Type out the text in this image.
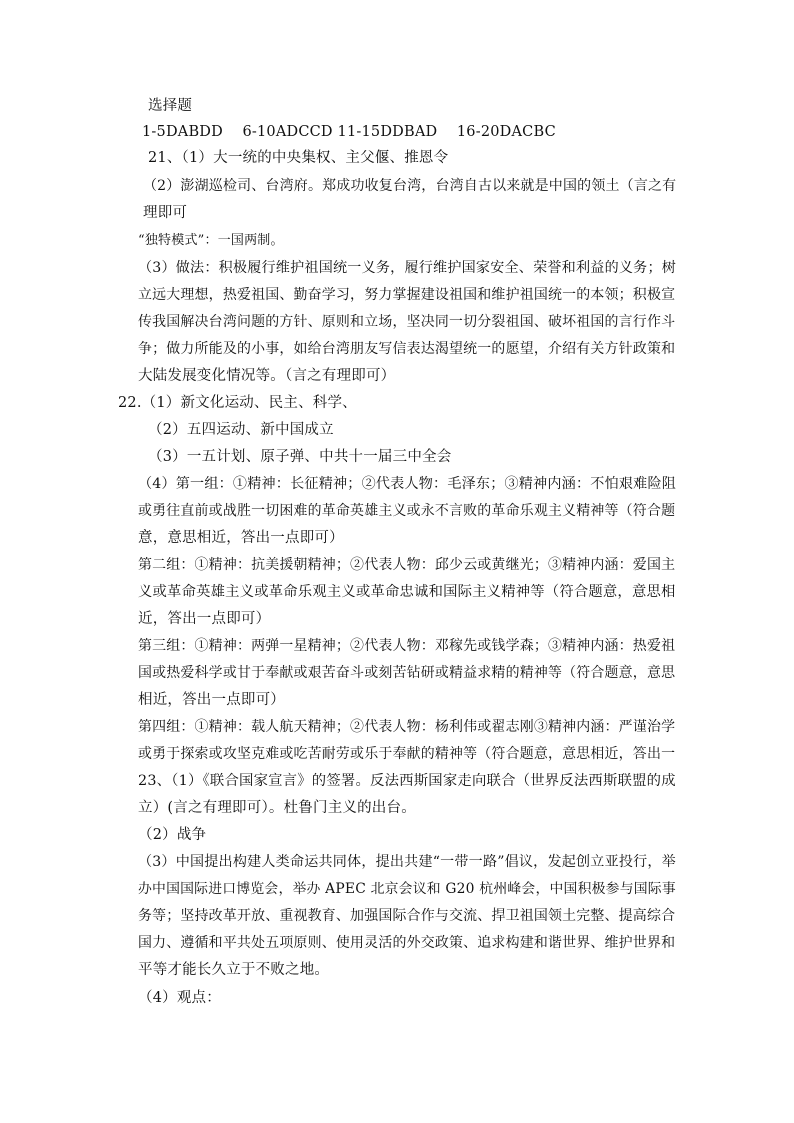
选择题
1-5DABDD　 6-10ADCCD 11-15DDBAD　 16-20DACBC
21、（1）大一统的中央集权、主父偃、推恩令
（2）澎湖巡检司、台湾府。郑成功收复台湾，台湾自古以来就是中国的领土（言之有
理即可
“独特模式”：一国两制。
（3）做法：积极履行维护祖国统一义务，履行维护国家安全、荣誉和利益的义务；树
立远大理想，热爱祖国、勤奋学习，努力掌握建设祖国和维护祖国统一的本领；积极宣
传我国解决台湾问题的方针、原则和立场，坚决同一切分裂祖国、破坏祖国的言行作斗
争；做力所能及的小事，如给台湾朋友写信表达渴望统一的愿望，介绍有关方针政策和
大陆发展变化情况等。（言之有理即可）
22.（1）新文化运动、民主、科学、
（2）五四运动、新中国成立
（3）一五计划、原子弹、中共十一届三中全会
（4）第一组：①精神：长征精神；②代表人物：毛泽东；③精神内涵：不怕艰难险阻
或勇往直前或战胜一切困难的革命英雄主义或永不言败的革命乐观主义精神等（符合题
意，意思相近，答出一点即可）
第二组：①精神：抗美援朝精神；②代表人物：邱少云或黄继光；③精神内涵：爱国主
义或革命英雄主义或革命乐观主义或革命忠诚和国际主义精神等（符合题意，意思相
近，答出一点即可）
第三组：①精神：两弹一星精神；②代表人物：邓稼先或钱学森；③精神内涵：热爱祖
国或热爱科学或甘于奉献或艰苦奋斗或刻苦钻研或精益求精的精神等（符合题意，意思
相近，答出一点即可）
第四组：①精神：载人航天精神；②代表人物：杨利伟或翟志刚③精神内涵：严谨治学
或勇于探索或攻坚克难或吃苦耐劳或乐于奉献的精神等（符合题意，意思相近，答出一
23、（1）《联合国家宣言》的签署。反法西斯国家走向联合（世界反法西斯联盟的成
立）(言之有理即可）。杜鲁门主义的出台。
（2）战争
（3）中国提出构建人类命运共同体，提出共建“一带一路”倡议，发起创立亚投行，举
办中国国际进口博览会，举办 APEC 北京会议和 G20 杭州峰会，中国积极参与国际事
务等；坚持改革开放、重视教育、加强国际合作与交流、捍卫祖国领土完整、提高综合
国力、遵循和平共处五项原则、使用灵活的外交政策、追求构建和谐世界、维护世界和
平等才能长久立于不败之地。
（4）观点：
